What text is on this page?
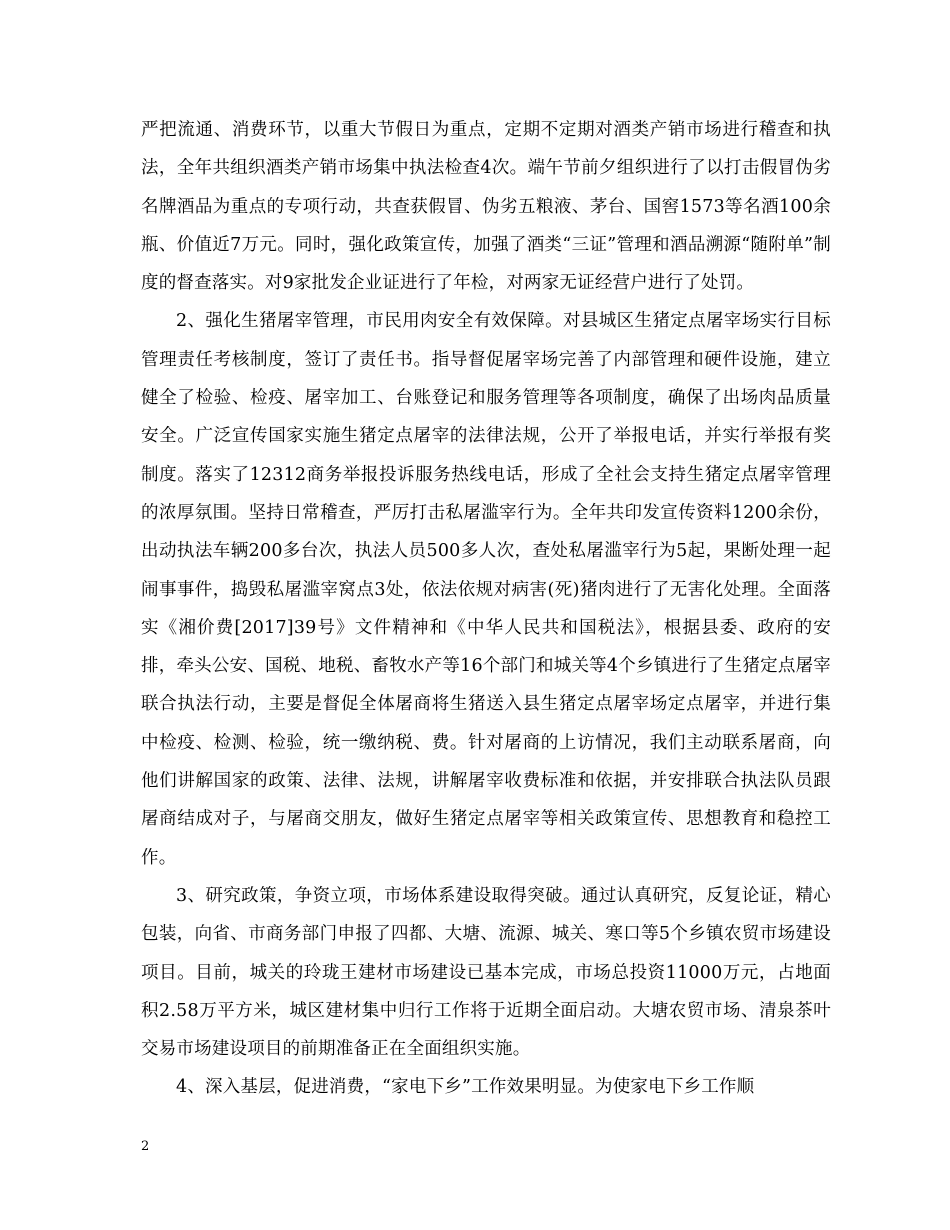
严把流通、消费环节，以重大节假日为重点，定期不定期对酒类产销市场进行稽查和执法，全年共组织酒类产销市场集中执法检查4次。端午节前夕组织进行了以打击假冒伪劣名牌酒品为重点的专项行动，共查获假冒、伪劣五粮液、茅台、国窖1573等名酒100余瓶、价值近7万元。同时，强化政策宣传，加强了酒类“三证”管理和酒品溯源“随附单”制度的督查落实。对9家批发企业证进行了年检，对两家无证经营户进行了处罚。

2、强化生猪屠宰管理，市民用肉安全有效保障。对县城区生猪定点屠宰场实行目标管理责任考核制度，签订了责任书。指导督促屠宰场完善了内部管理和硬件设施，建立健全了检验、检疫、屠宰加工、台账登记和服务管理等各项制度，确保了出场肉品质量安全。广泛宣传国家实施生猪定点屠宰的法律法规，公开了举报电话，并实行举报有奖制度。落实了12312商务举报投诉服务热线电话，形成了全社会支持生猪定点屠宰管理的浓厚氛围。坚持日常稽查，严厉打击私屠滥宰行为。全年共印发宣传资料1200余份，出动执法车辆200多台次，执法人员500多人次，查处私屠滥宰行为5起，果断处理一起闹事事件，捣毁私屠滥宰窝点3处，依法依规对病害(死)猪肉进行了无害化处理。全面落实《湘价费[2017]39号》文件精神和《中华人民共和国税法》，根据县委、政府的安排，牵头公安、国税、地税、畜牧水产等16个部门和城关等4个乡镇进行了生猪定点屠宰联合执法行动，主要是督促全体屠商将生猪送入县生猪定点屠宰场定点屠宰，并进行集中检疫、检测、检验，统一缴纳税、费。针对屠商的上访情况，我们主动联系屠商，向他们讲解国家的政策、法律、法规，讲解屠宰收费标准和依据，并安排联合执法队员跟屠商结成对子，与屠商交朋友，做好生猪定点屠宰等相关政策宣传、思想教育和稳控工作。

3、研究政策，争资立项，市场体系建设取得突破。通过认真研究，反复论证，精心包装，向省、市商务部门申报了四都、大塘、流源、城关、寒口等5个乡镇农贸市场建设项目。目前，城关的玲珑王建材市场建设已基本完成，市场总投资11000万元，占地面积2.58万平方米，城区建材集中归行工作将于近期全面启动。大塘农贸市场、清泉茶叶交易市场建设项目的前期准备正在全面组织实施。

4、深入基层，促进消费，“家电下乡”工作效果明显。为使家电下乡工作顺

2
